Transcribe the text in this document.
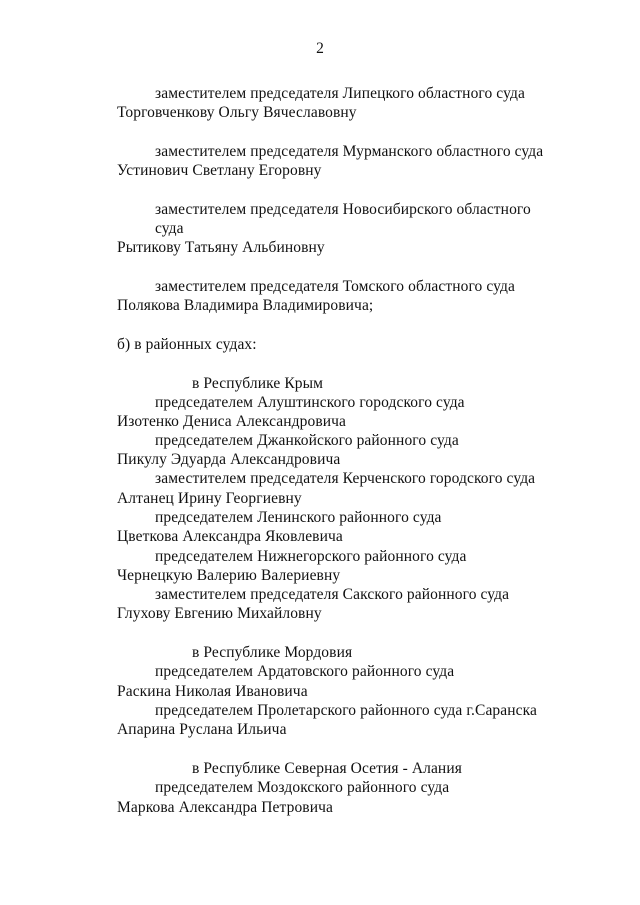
2
заместителем председателя Липецкого областного суда
Торговченкову Ольгу Вячеславовну
заместителем председателя Мурманского областного суда
Устинович Светлану Егоровну
заместителем председателя Новосибирского областного
суда
Рытикову Татьяну Альбиновну
заместителем председателя Томского областного суда
Полякова Владимира Владимировича;
б) в районных судах:
в Республике Крым
председателем Алуштинского городского суда
Изотенко Дениса Александровича
председателем Джанкойского районного суда
Пикулу Эдуарда Александровича
заместителем председателя Керченского городского суда
Алтанец Ирину Георгиевну
председателем Ленинского районного суда
Цветкова Александра Яковлевича
председателем Нижнегорского районного суда
Чернецкую Валерию Валериевну
заместителем председателя Сакского районного суда
Глухову Евгению Михайловну
в Республике Мордовия
председателем Ардатовского районного суда
Раскина Николая Ивановича
председателем Пролетарского районного суда г.Саранска
Апарина Руслана Ильича
в Республике Северная Осетия - Алания
председателем Моздокского районного суда
Маркова Александра Петровича
